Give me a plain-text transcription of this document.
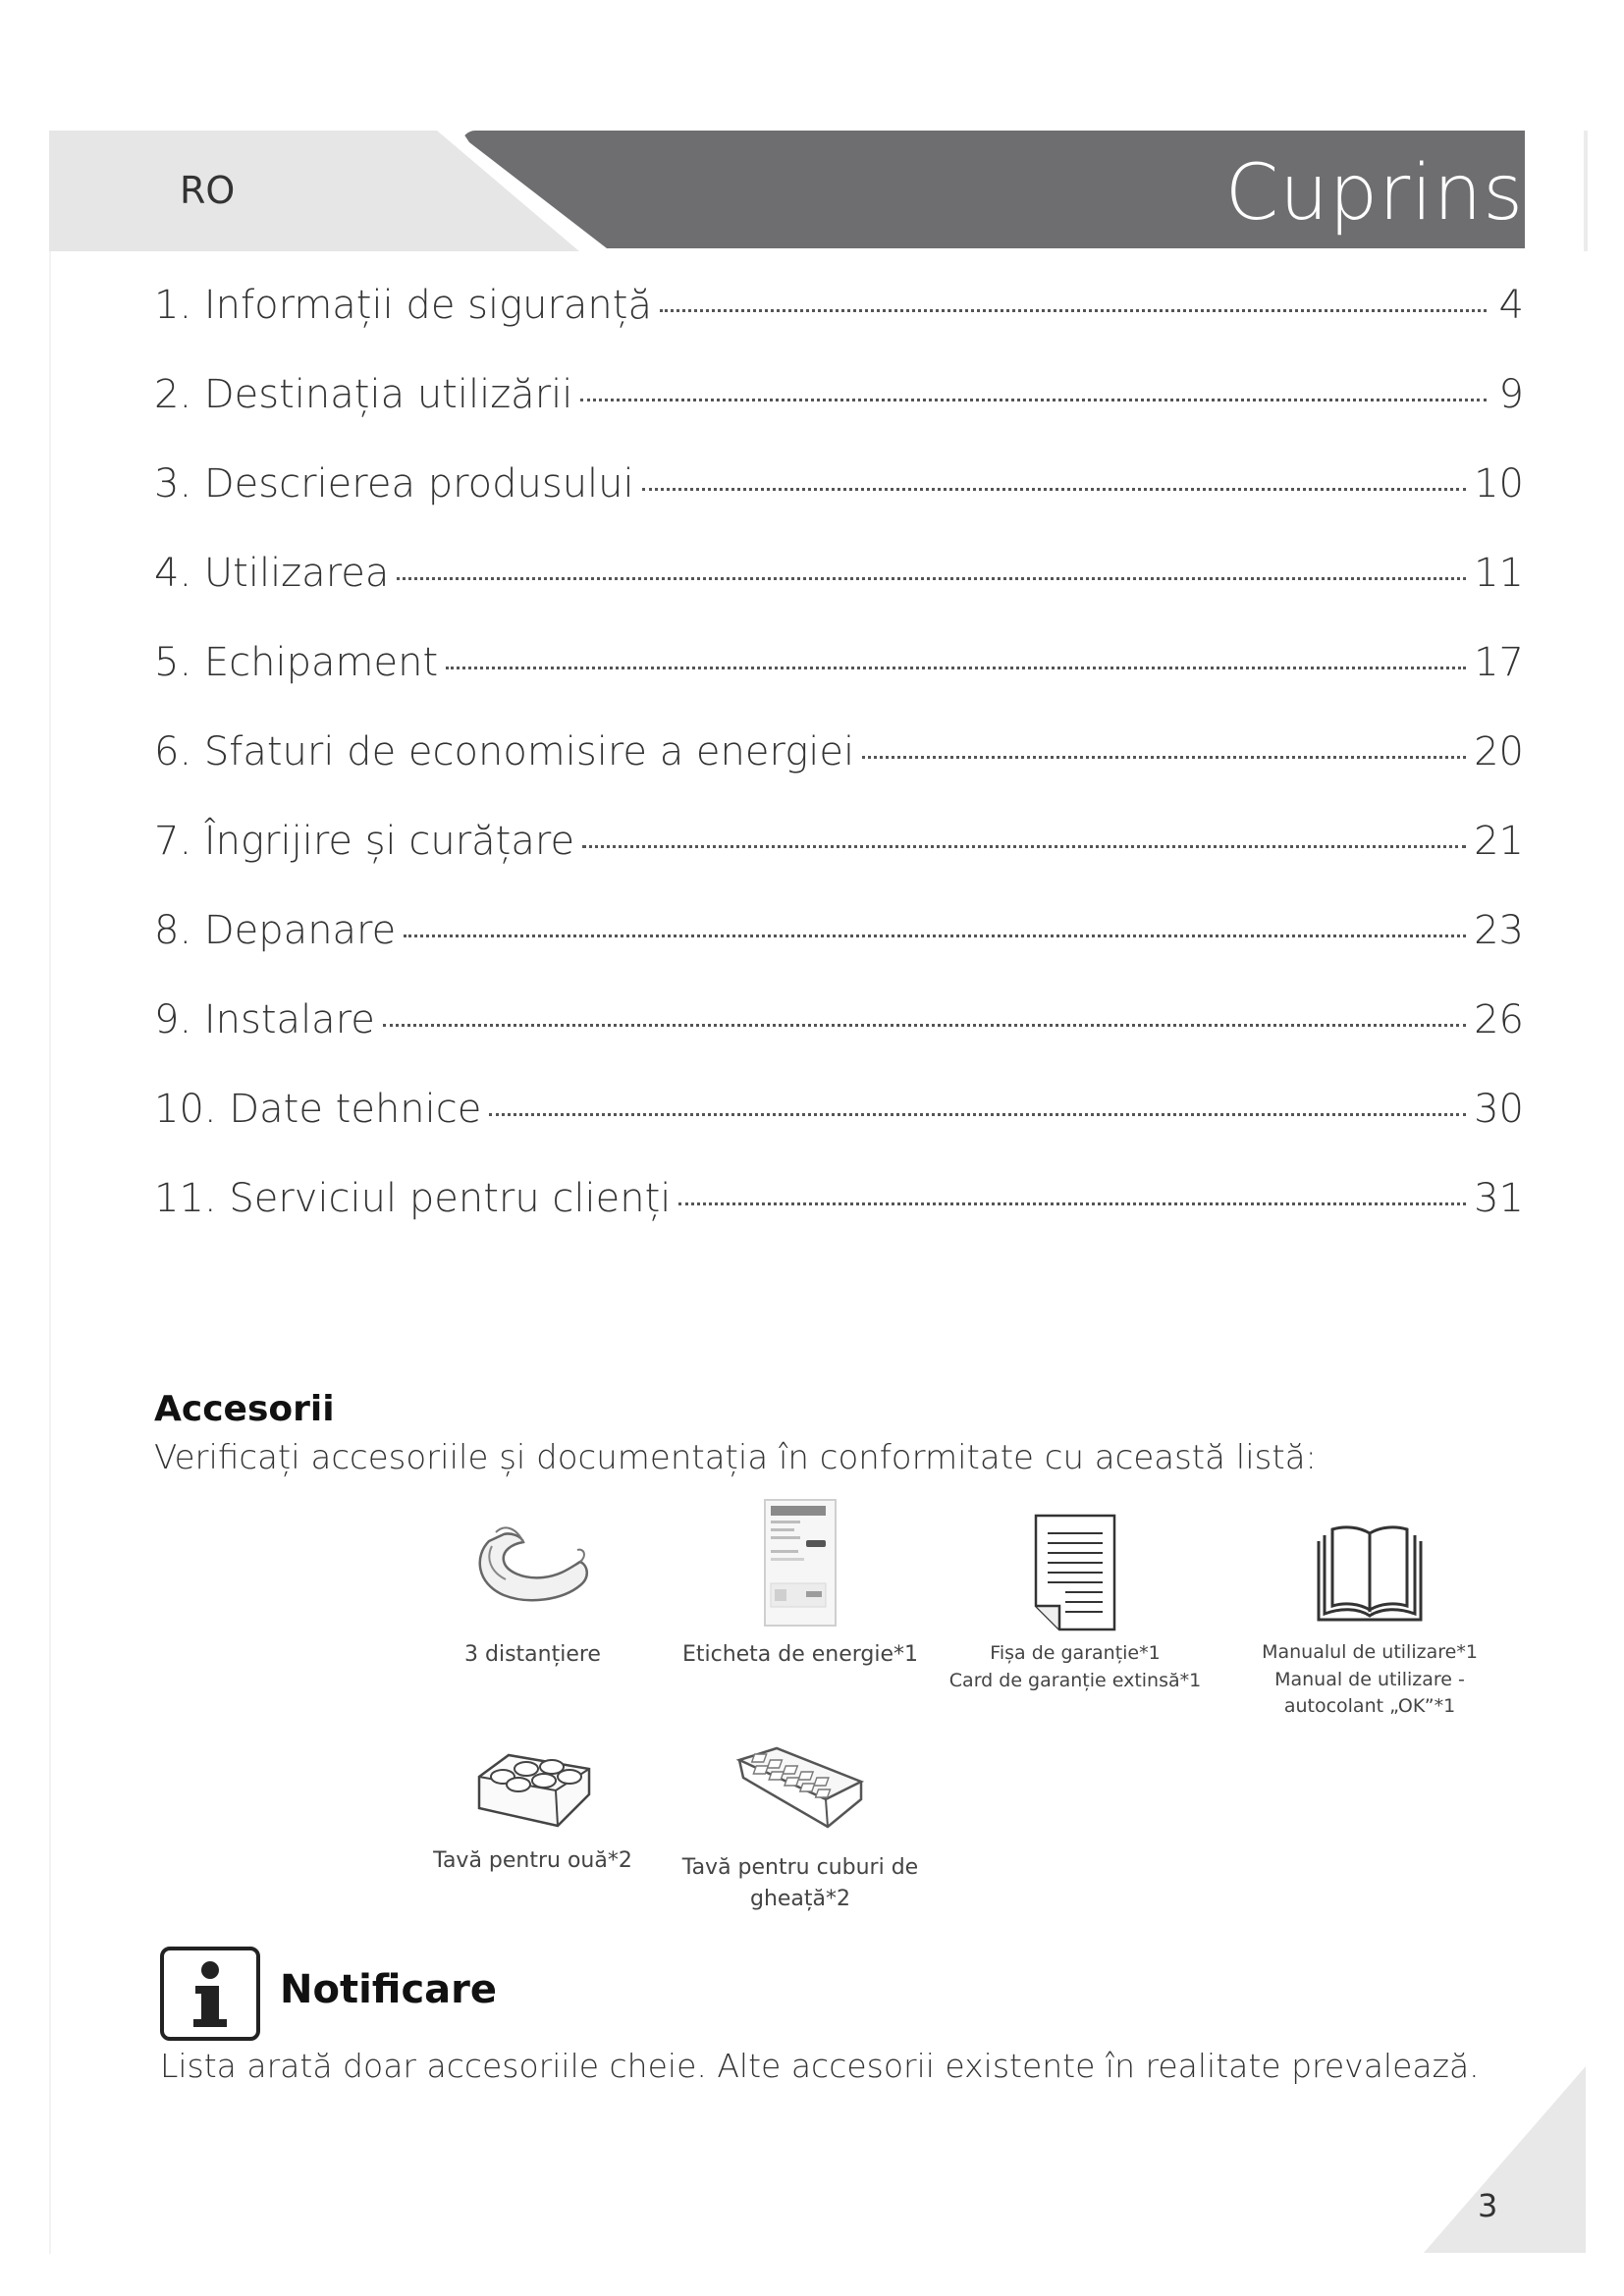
RO	Cuprins
1. Informații de siguranță	4
2. Destinația utilizării	9
3. Descrierea produsului	10
4. Utilizarea	11
5. Echipament	17
6. Sfaturi de economisire a energiei	20
7. Îngrijire și curățare	21
8. Depanare	23
9. Instalare	26
10. Date tehnice	30
11. Serviciul pentru clienți	31
Accesorii
Verificați accesoriile și documentația în conformitate cu această listă:
3 distanțiere	Eticheta de energie*1	Fișa de garanție*1
Card de garanție extinsă*1
Manualul de utilizare*1
Manual de utilizare -
autocolant „OK”*1
Tavă pentru ouă*2	Tavă pentru cuburi de
gheață*2
Notificare
Lista arată doar accesoriile cheie. Alte accesorii existente în realitate prevalează.
3
